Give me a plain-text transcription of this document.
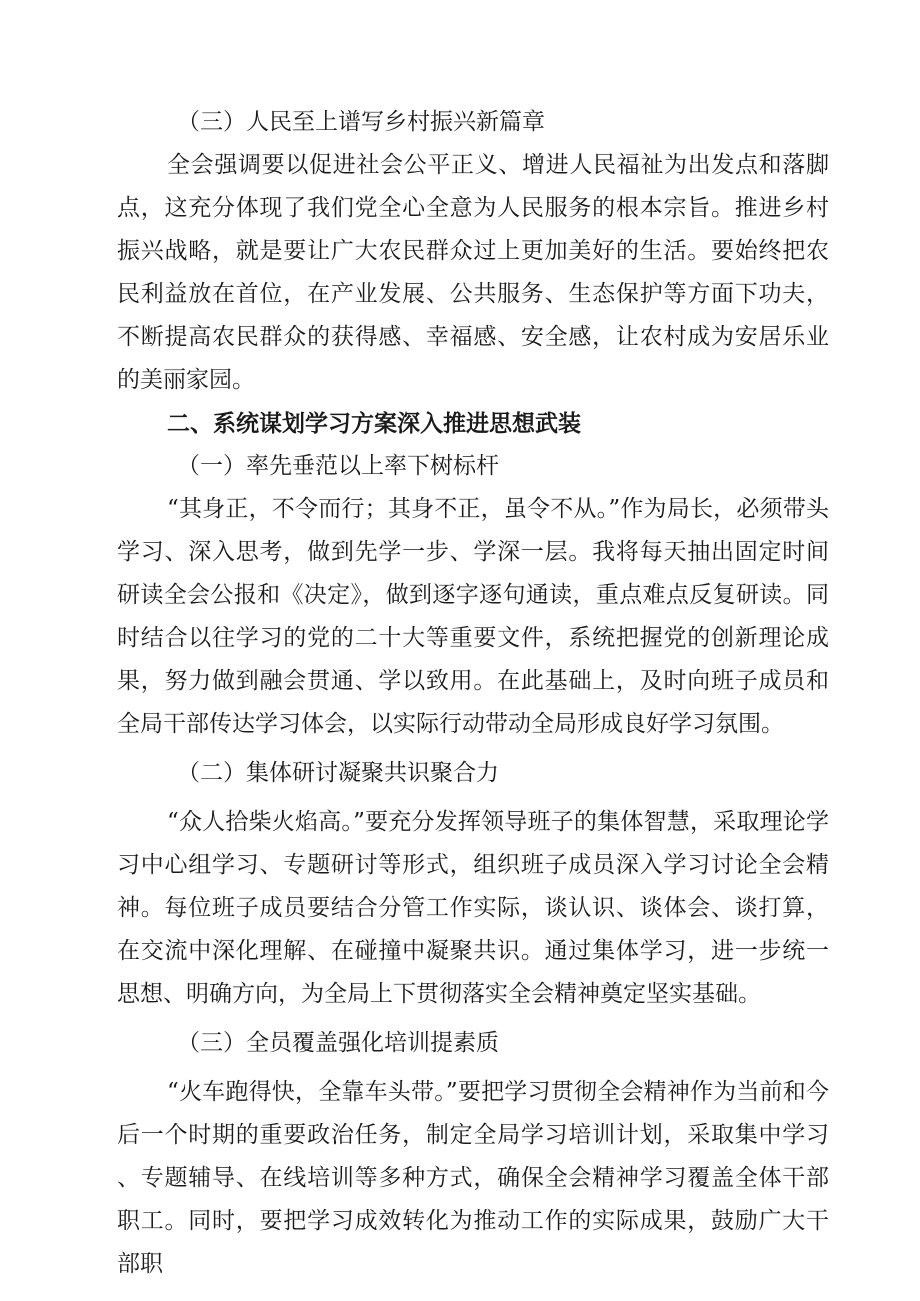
（三）人民至上谱写乡村振兴新篇章

全会强调要以促进社会公平正义、增进人民福祉为出发点和落脚点，这充分体现了我们党全心全意为人民服务的根本宗旨。推进乡村振兴战略，就是要让广大农民群众过上更加美好的生活。要始终把农民利益放在首位，在产业发展、公共服务、生态保护等方面下功夫，不断提高农民群众的获得感、幸福感、安全感，让农村成为安居乐业的美丽家园。

二、系统谋划学习方案深入推进思想武装
（一）率先垂范以上率下树标杆

“其身正，不令而行；其身不正，虽令不从。”作为局长，必须带头学习、深入思考，做到先学一步、学深一层。我将每天抽出固定时间研读全会公报和《决定》，做到逐字逐句通读，重点难点反复研读。同时结合以往学习的党的二十大等重要文件，系统把握党的创新理论成果，努力做到融会贯通、学以致用。在此基础上，及时向班子成员和全局干部传达学习体会，以实际行动带动全局形成良好学习氛围。

（二）集体研讨凝聚共识聚合力

“众人拾柴火焰高。”要充分发挥领导班子的集体智慧，采取理论学习中心组学习、专题研讨等形式，组织班子成员深入学习讨论全会精神。每位班子成员要结合分管工作实际，谈认识、谈体会、谈打算，在交流中深化理解、在碰撞中凝聚共识。通过集体学习，进一步统一思想、明确方向，为全局上下贯彻落实全会精神奠定坚实基础。

（三）全员覆盖强化培训提素质

“火车跑得快，全靠车头带。”要把学习贯彻全会精神作为当前和今后一个时期的重要政治任务，制定全局学习培训计划，采取集中学习、专题辅导、在线培训等多种方式，确保全会精神学习覆盖全体干部职工。同时，要把学习成效转化为推动工作的实际成果，鼓励广大干部职
